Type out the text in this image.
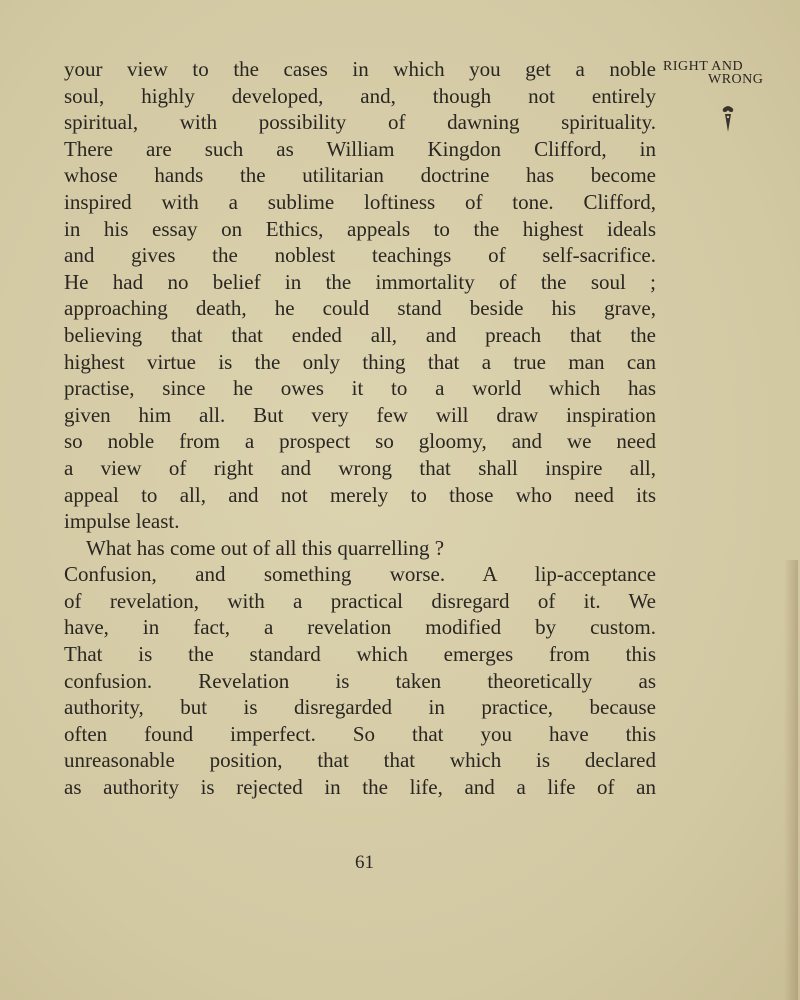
RIGHT AND
WRONG
your view to the cases in which you get a noble
soul, highly developed, and, though not entirely
spiritual, with possibility of dawning spirituality.
There are such as William Kingdon Clifford, in
whose hands the utilitarian doctrine has become
inspired with a sublime loftiness of tone. Clifford,
in his essay on Ethics, appeals to the highest ideals
and gives the noblest teachings of self-sacrifice.
He had no belief in the immortality of the soul ;
approaching death, he could stand beside his grave,
believing that that ended all, and preach that the
highest virtue is the only thing that a true man can
practise, since he owes it to a world which has
given him all. But very few will draw inspiration
so noble from a prospect so gloomy, and we need
a view of right and wrong that shall inspire all,
appeal to all, and not merely to those who need its
impulse least.
What has come out of all this quarrelling ?
Confusion, and something worse. A lip-acceptance
of revelation, with a practical disregard of it. We
have, in fact, a revelation modified by custom.
That is the standard which emerges from this
confusion. Revelation is taken theoretically as
authority, but is disregarded in practice, because
often found imperfect. So that you have this
unreasonable position, that that which is declared
as authority is rejected in the life, and a life of an
61
